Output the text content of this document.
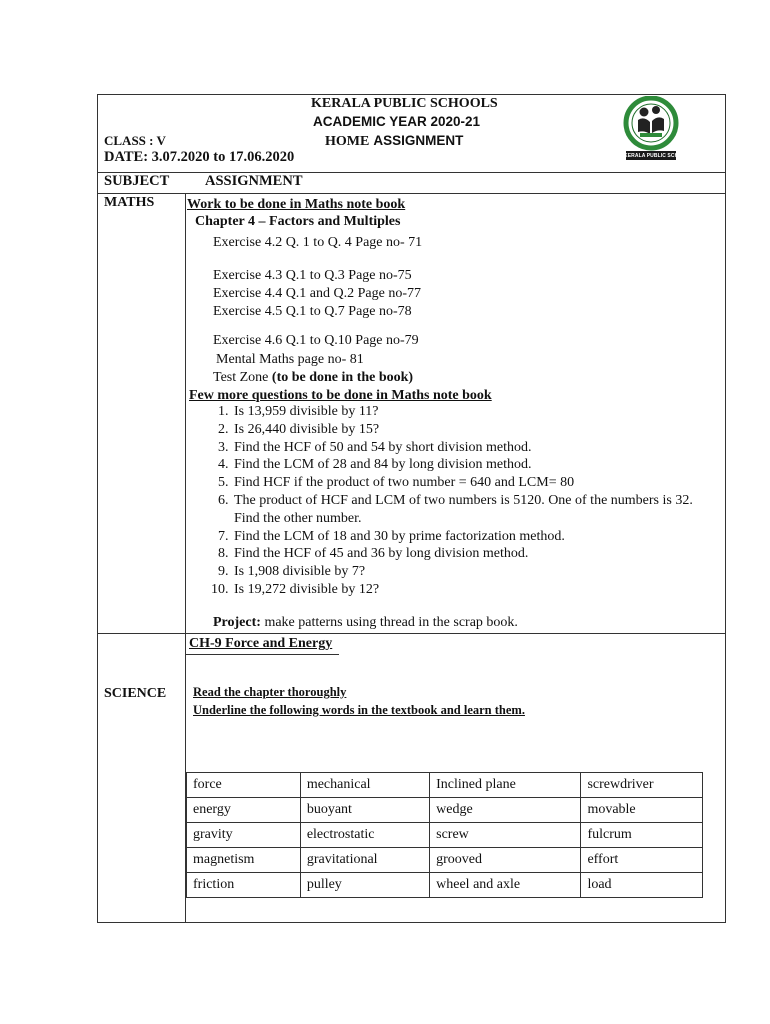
KERALA PUBLIC SCHOOLS
ACADEMIC YEAR 2020-21
HOME ASSIGNMENT
CLASS : V
DATE: 3.07.2020 to 17.06.2020	KERALA PUBLIC SCHOOLS
SUBJECT ASSIGNMENT
MATHS Work to be done in Maths note book
Chapter 4 – Factors and Multiples
Exercise 4.2 Q. 1 to Q. 4 Page no- 71
Exercise 4.3 Q.1 to Q.3 Page no-75
Exercise 4.4 Q.1 and Q.2 Page no-77
Exercise 4.5 Q.1 to Q.7 Page no-78
Exercise 4.6 Q.1 to Q.10 Page no-79
Mental Maths page no- 81
Test Zone (to be done in the book)
Few more questions to be done in Maths note book
1. Is 13,959 divisible by 11?
2. Is 26,440 divisible by 15?
3. Find the HCF of 50 and 54 by short division method.
4. Find the LCM of 28 and 84 by long division method.
5. Find HCF if the product of two number = 640 and LCM= 80
6. The product of HCF and LCM of two numbers is 5120. One of the numbers is 32. Find the other number.
7. Find the LCM of 18 and 30 by prime factorization method.
8. Find the HCF of 45 and 36 by long division method.
9. Is 1,908 divisible by 7?
10. Is 19,272 divisible by 12?
Project: make patterns using thread in the scrap book.
CH-9 Force and Energy
SCIENCE Read the chapter thoroughly
Underline the following words in the textbook and learn them.
force	mechanical	Inclined plane	screwdriver
energy	buoyant	wedge	movable
gravity	electrostatic	screw	fulcrum
magnetism	gravitational	grooved	effort
friction	pulley	wheel and axle	load
